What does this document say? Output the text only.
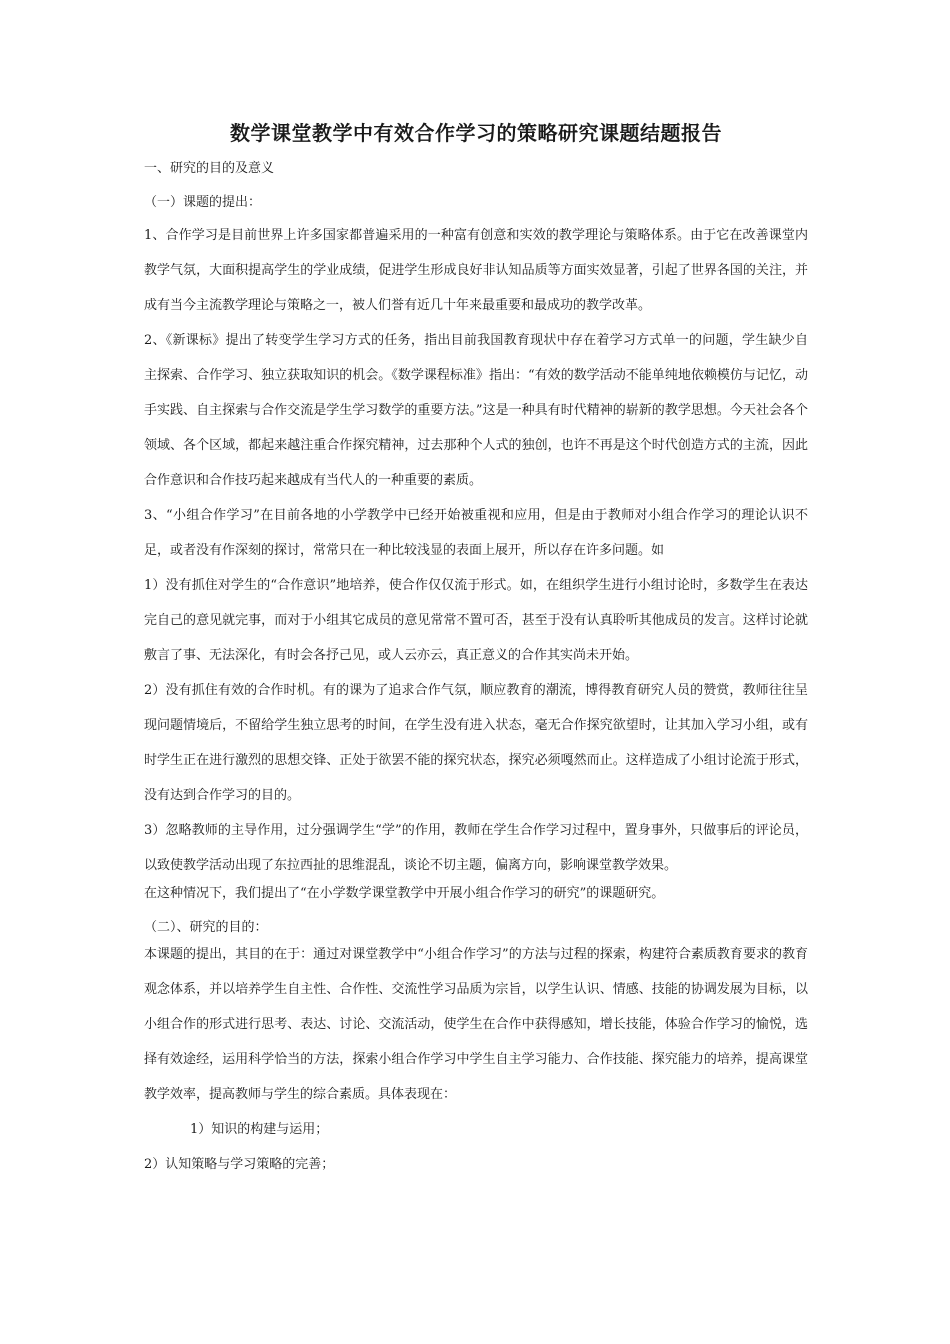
数学课堂教学中有效合作学习的策略研究课题结题报告

一、研究的目的及意义

（一）课题的提出：

1、合作学习是目前世界上许多国家都普遍采用的一种富有创意和实效的教学理论与策略体系。由于它在改善课堂内教学气氛，大面积提高学生的学业成绩，促进学生形成良好非认知品质等方面实效显著，引起了世界各国的关注，并成有当今主流教学理论与策略之一，被人们誉有近几十年来最重要和最成功的教学改革。

2、《新课标》提出了转变学生学习方式的任务，指出目前我国教育现状中存在着学习方式单一的问题，学生缺少自主探索、合作学习、独立获取知识的机会。《数学课程标准》指出：“有效的数学活动不能单纯地依赖模仿与记忆，动手实践、自主探索与合作交流是学生学习数学的重要方法。”这是一种具有时代精神的崭新的教学思想。今天社会各个领域、各个区域，都起来越注重合作探究精神，过去那种个人式的独创，也许不再是这个时代创造方式的主流，因此合作意识和合作技巧起来越成有当代人的一种重要的素质。

3、“小组合作学习”在目前各地的小学教学中已经开始被重视和应用，但是由于教师对小组合作学习的理论认识不足，或者没有作深刻的探讨，常常只在一种比较浅显的表面上展开，所以存在许多问题。如

1）没有抓住对学生的“合作意识”地培养，使合作仅仅流于形式。如，在组织学生进行小组讨论时，多数学生在表达完自己的意见就完事，而对于小组其它成员的意见常常不置可否，甚至于没有认真聆听其他成员的发言。这样讨论就敷言了事、无法深化，有时会各抒己见，或人云亦云，真正意义的合作其实尚未开始。

2）没有抓住有效的合作时机。有的课为了追求合作气氛，顺应教育的潮流，博得教育研究人员的赞赏，教师往往呈现问题情境后，不留给学生独立思考的时间，在学生没有进入状态，毫无合作探究欲望时，让其加入学习小组，或有时学生正在进行激烈的思想交锋、正处于欲罢不能的探究状态，探究必须嘎然而止。这样造成了小组讨论流于形式，没有达到合作学习的目的。

3）忽略教师的主导作用，过分强调学生“学”的作用，教师在学生合作学习过程中，置身事外，只做事后的评论员，以致使教学活动出现了东拉西扯的思维混乱，谈论不切主题，偏离方向，影响课堂教学效果。

在这种情况下，我们提出了“在小学数学课堂教学中开展小组合作学习的研究”的课题研究。

（二）、研究的目的：

本课题的提出，其目的在于：通过对课堂教学中“小组合作学习”的方法与过程的探索，构建符合素质教育要求的教育观念体系，并以培养学生自主性、合作性、交流性学习品质为宗旨，以学生认识、情感、技能的协调发展为目标，以小组合作的形式进行思考、表达、讨论、交流活动，使学生在合作中获得感知，增长技能，体验合作学习的愉悦，选择有效途经，运用科学恰当的方法，探索小组合作学习中学生自主学习能力、合作技能、探究能力的培养，提高课堂教学效率，提高教师与学生的综合素质。具体表现在：

1）知识的构建与运用；

2）认知策略与学习策略的完善；
